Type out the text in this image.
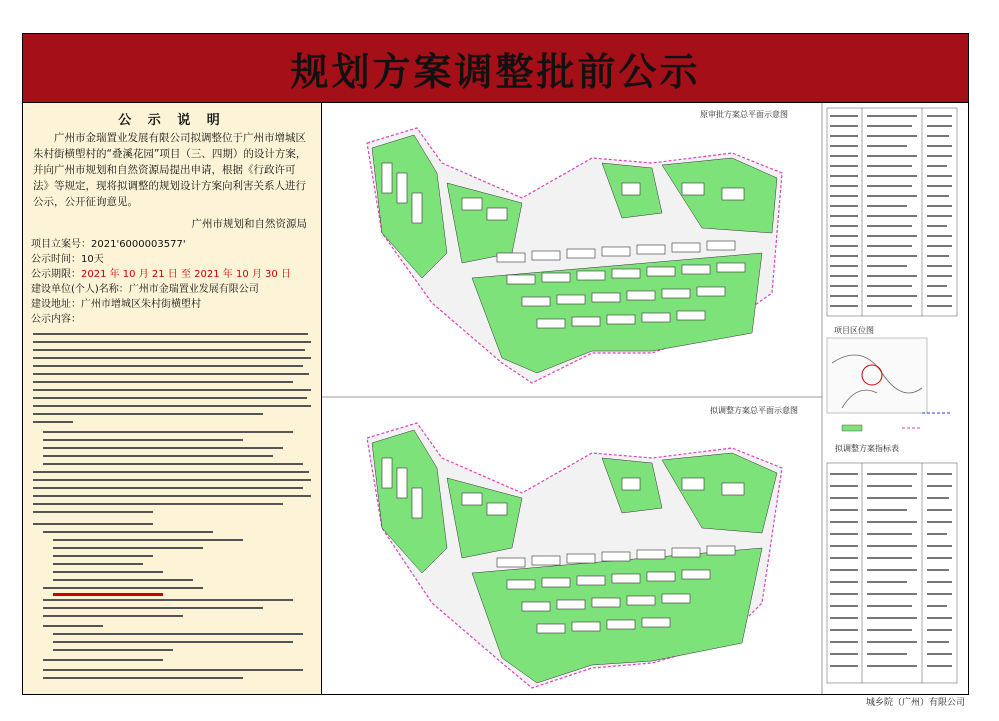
规划方案调整批前公示
公 示 说 明
广州市金瑞置业发展有限公司拟调整位于广州市增城区朱村街横塱村的“叠溪花园”项目（三、四期）的设计方案，并向广州市规划和自然资源局提出申请，根据《行政许可法》等规定，现将拟调整的规划设计方案向利害关系人进行公示，公开征询意见。
广州市规划和自然资源局
项目立案号：2021'6000003577'
公示时间：10天
公示期限：2021 年 10 月 21 日 至 2021 年 10 月 30 日
建设单位(个人)名称：广州市金瑞置业发展有限公司
建设地址：广州市增城区朱村街横塱村
公示内容：
原审批方案总平面示意图
拟调整方案总平面示意图
项目区位图
拟调整方案指标表
城乡院（广州）有限公司
